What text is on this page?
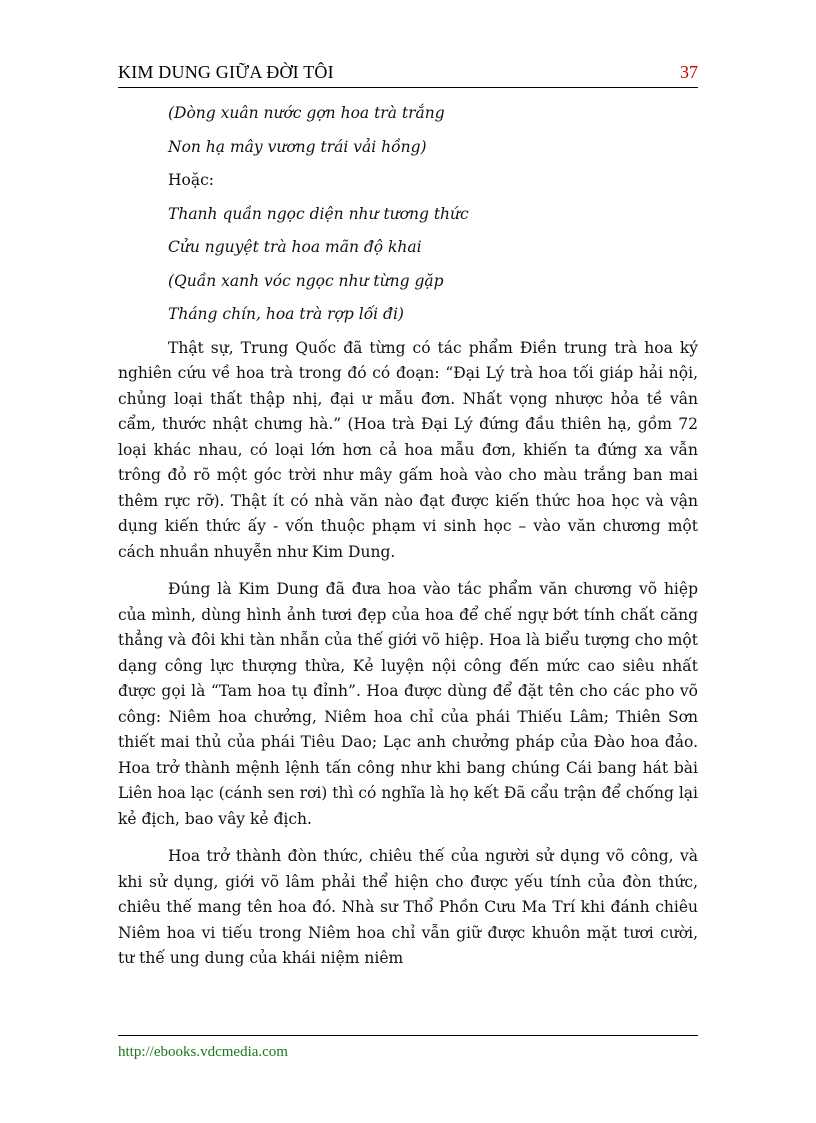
KIM DUNG GIỮA ĐỜI TÔI	37
(Dòng xuân nước gợn hoa trà trắng
Non hạ mây vương trái vải hồng)
Hoặc:
Thanh quần ngọc diện như tương thức
Cửu nguyệt trà hoa mãn độ khai
(Quần xanh vóc ngọc như từng gặp
Tháng chín, hoa trà rợp lối đi)

Thật sự, Trung Quốc đã từng có tác phẩm Điền trung trà hoa ký nghiên cứu về hoa trà trong đó có đoạn: “Đại Lý trà hoa tối giáp hải nội, chủng loại thất thập nhị, đại ư mẫu đơn. Nhất vọng nhược hỏa tề vân cẩm, thước nhật chưng hà.” (Hoa trà Đại Lý đứng đầu thiên hạ, gồm 72 loại khác nhau, có loại lớn hơn cả hoa mẫu đơn, khiến ta đứng xa vẫn trông đỏ rõ một góc trời như mây gấm hoà vào cho màu trắng ban mai thêm rực rỡ). Thật ít có nhà văn nào đạt được kiến thức hoa học và vận dụng kiến thức ấy - vốn thuộc phạm vi sinh học – vào văn chương một cách nhuần nhuyễn như Kim Dung.

Đúng là Kim Dung đã đưa hoa vào tác phẩm văn chương võ hiệp của mình, dùng hình ảnh tươi đẹp của hoa để chế ngự bớt tính chất căng thẳng và đôi khi tàn nhẫn của thế giới võ hiệp. Hoa là biểu tượng cho một dạng công lực thượng thừa, Kẻ luyện nội công đến mức cao siêu nhất được gọi là “Tam hoa tụ đỉnh”. Hoa được dùng để đặt tên cho các pho võ công: Niêm hoa chưởng, Niêm hoa chỉ của phái Thiếu Lâm; Thiên Sơn thiết mai thủ của phái Tiêu Dao; Lạc anh chưởng pháp của Đào hoa đảo. Hoa trở thành mệnh lệnh tấn công như khi bang chúng Cái bang hát bài Liên hoa lạc (cánh sen rơi) thì có nghĩa là họ kết Đã cẩu trận để chống lại kẻ địch, bao vây kẻ địch.

Hoa trở thành đòn thức, chiêu thế của người sử dụng võ công, và khi sử dụng, giới võ lâm phải thể hiện cho được yếu tính của đòn thức, chiêu thế mang tên hoa đó. Nhà sư Thổ Phồn Cưu Ma Trí khi đánh chiêu Niêm hoa vi tiếu trong Niêm hoa chỉ vẫn giữ được khuôn mặt tươi cười, tư thế ung dung của khái niệm niêm

http://ebooks.vdcmedia.com
